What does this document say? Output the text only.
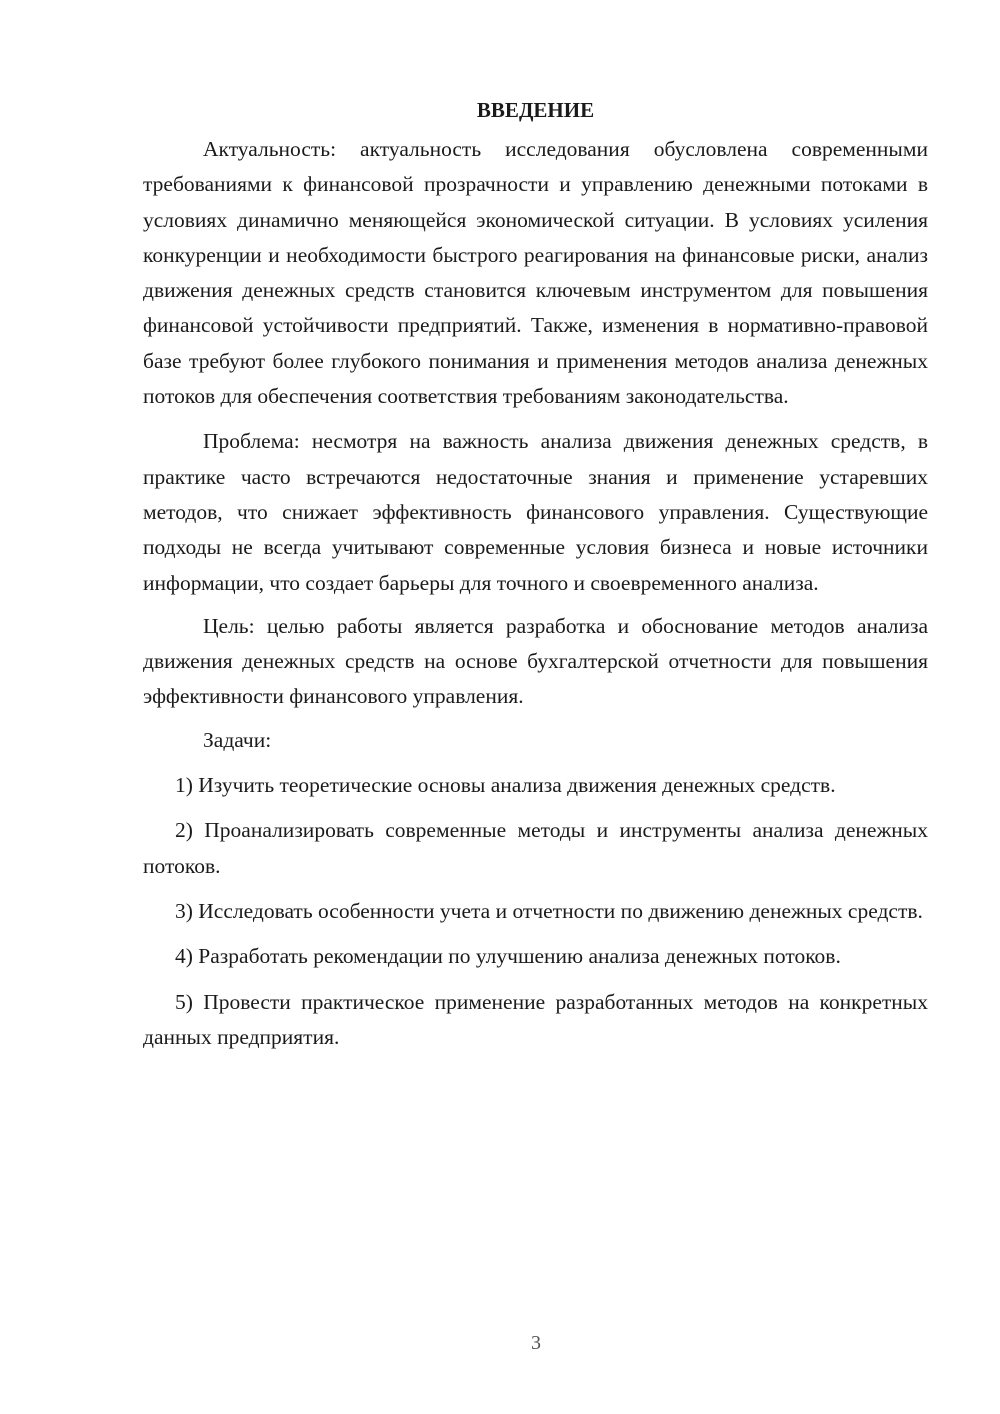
ВВЕДЕНИЕ

Актуальность: актуальность исследования обусловлена современными требованиями к финансовой прозрачности и управлению денежными потоками в условиях динамично меняющейся экономической ситуации. В условиях усиления конкуренции и необходимости быстрого реагирования на финансовые риски, анализ движения денежных средств становится ключевым инструментом для повышения финансовой устойчивости предприятий. Также, изменения в нормативно-правовой базе требуют более глубокого понимания и применения методов анализа денежных потоков для обеспечения соответствия требованиям законодательства.

Проблема: несмотря на важность анализа движения денежных средств, в практике часто встречаются недостаточные знания и применение устаревших методов, что снижает эффективность финансового управления. Существующие подходы не всегда учитывают современные условия бизнеса и новые источники информации, что создает барьеры для точного и своевременного анализа.

Цель: целью работы является разработка и обоснование методов анализа движения денежных средств на основе бухгалтерской отчетности для повышения эффективности финансового управления.

Задачи:

1) Изучить теоретические основы анализа движения денежных средств.

2) Проанализировать современные методы и инструменты анализа денежных потоков.

3) Исследовать особенности учета и отчетности по движению денежных средств.

4) Разработать рекомендации по улучшению анализа денежных потоков.

5) Провести практическое применение разработанных методов на конкретных данных предприятия.

3
